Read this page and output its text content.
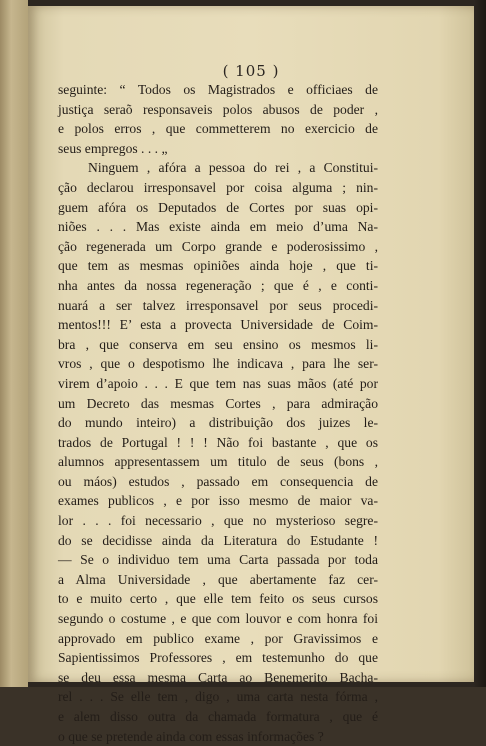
( 105 )
seguinte: “ Todos os Magistrados e officiaes de
justiça seraõ responsaveis polos abusos de poder ,
e polos erros , que commetterem no exercicio de
seus empregos . . . „
Ninguem , afóra a pessoa do rei , a Constitui-
ção declarou irresponsavel por coisa alguma ; nin-
guem afóra os Deputados de Cortes por suas opi-
niões . . . Mas existe ainda em meio d’uma Na-
ção regenerada um Corpo grande e poderosissimo ,
que tem as mesmas opiniões ainda hoje , que ti-
nha antes da nossa regeneração ; que é , e conti-
nuará a ser talvez irresponsavel por seus procedi-
mentos!!! E’ esta a provecta Universidade de Coim-
bra , que conserva em seu ensino os mesmos li-
vros , que o despotismo lhe indicava , para lhe ser-
virem d’apoio . . . E que tem nas suas mãos (até por
um Decreto das mesmas Cortes , para admiração
do mundo inteiro) a distribuição dos juizes le-
trados de Portugal ! ! ! Não foi bastante , que os
alumnos appresentassem um titulo de seus (bons ,
ou máos) estudos , passado em consequencia de
exames publicos , e por isso mesmo de maior va-
lor . . . foi necessario , que no mysterioso segre-
do se decidisse ainda da Literatura do Estudante !
— Se o individuo tem uma Carta passada por toda
a Alma Universidade , que abertamente faz cer-
to e muito certo , que elle tem feito os seus cursos
segundo o costume , e que com louvor e com honra foi
approvado em publico exame , por Gravissimos e
Sapientissimos Professores , em testemunho do que
se deu essa mesma Carta ao Benemerito Bacha-
rel . . . Se elle tem , digo , uma carta nesta fórma ,
e alem disso outra da chamada formatura , que é
o que se pretende ainda com essas informações ?
